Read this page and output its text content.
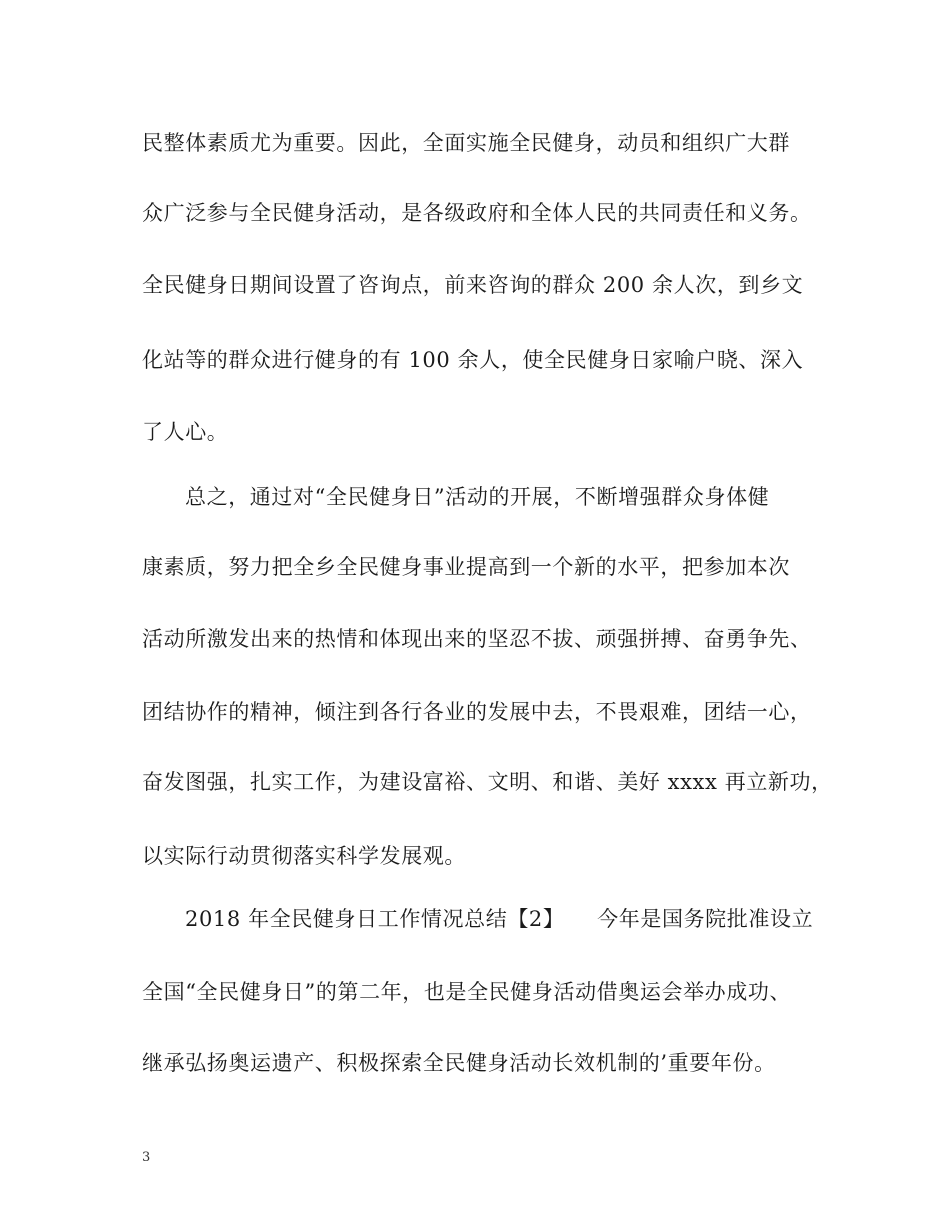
民整体素质尤为重要。因此，全面实施全民健身，动员和组织广大群
众广泛参与全民健身活动，是各级政府和全体人民的共同责任和义务。
全民健身日期间设置了咨询点，前来咨询的群众 200 余人次，到乡文
化站等的群众进行健身的有 100 余人，使全民健身日家喻户晓、深入
了人心。
总之，通过对“全民健身日”活动的开展，不断增强群众身体健
康素质，努力把全乡全民健身事业提高到一个新的水平，把参加本次
活动所激发出来的热情和体现出来的坚忍不拔、顽强拼搏、奋勇争先、
团结协作的精神，倾注到各行各业的发展中去，不畏艰难，团结一心，
奋发图强，扎实工作，为建设富裕、文明、和谐、美好 xxxx 再立新功，
以实际行动贯彻落实科学发展观。
2018 年全民健身日工作情况总结【2】　　今年是国务院批准设立
全国“全民健身日”的第二年，也是全民健身活动借奥运会举办成功、
继承弘扬奥运遗产、积极探索全民健身活动长效机制的’重要年份。
3
